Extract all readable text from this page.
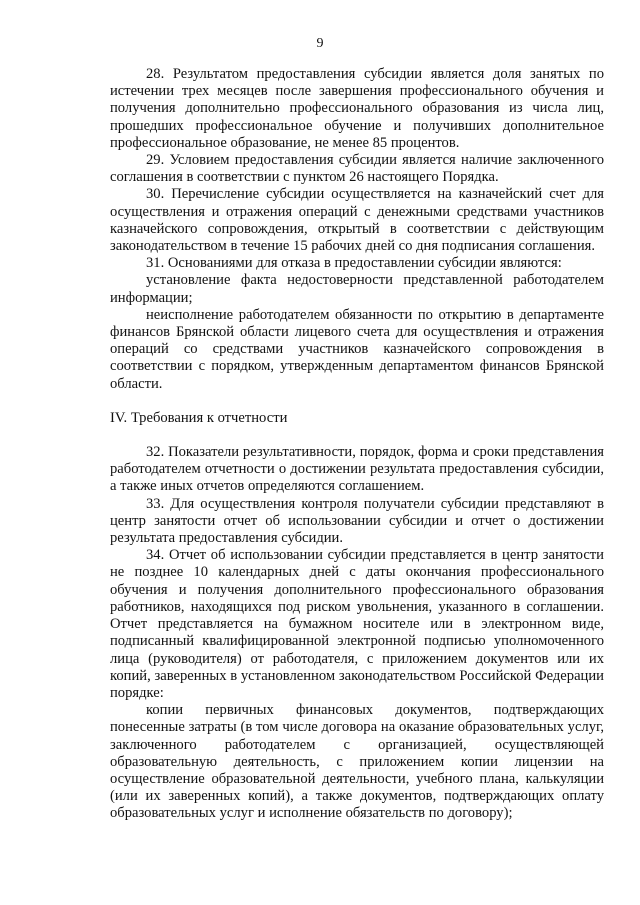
9

28. Результатом предоставления субсидии является доля занятых по истечении трех месяцев после завершения профессионального обучения и получения дополнительно профессионального образования из числа лиц, прошедших профессиональное обучение и получивших дополнительное профессиональное образование, не менее 85 процентов.

29. Условием предоставления субсидии является наличие заключенного соглашения в соответствии с пунктом 26 настоящего Порядка.

30. Перечисление субсидии осуществляется на казначейский счет для осуществления и отражения операций с денежными средствами участников казначейского сопровождения, открытый в соответствии с действующим законодательством в течение 15 рабочих дней со дня подписания соглашения.

31. Основаниями для отказа в предоставлении субсидии являются:

установление факта недостоверности представленной работодателем информации;

неисполнение работодателем обязанности по открытию в департаменте финансов Брянской области лицевого счета для осуществления и отражения операций со средствами участников казначейского сопровождения в соответствии с порядком, утвержденным департаментом финансов Брянской области.

IV. Требования к отчетности

32. Показатели результативности, порядок, форма и сроки представления работодателем отчетности о достижении результата предоставления субсидии, а также иных отчетов определяются соглашением.

33. Для осуществления контроля получатели субсидии представляют в центр занятости отчет об использовании субсидии и отчет о достижении результата предоставления субсидии.

34. Отчет об использовании субсидии представляется в центр занятости не позднее 10 календарных дней с даты окончания профессионального обучения и получения дополнительного профессионального образования работников, находящихся под риском увольнения, указанного в соглашении. Отчет представляется на бумажном носителе или в электронном виде, подписанный квалифицированной электронной подписью уполномоченного лица (руководителя) от работодателя, с приложением документов или их копий, заверенных в установленном законодательством Российской Федерации порядке:

копии первичных финансовых документов, подтверждающих понесенные затраты (в том числе договора на оказание образовательных услуг, заключенного работодателем с организацией, осуществляющей образовательную деятельность, с приложением копии лицензии на осуществление образовательной деятельности, учебного плана, калькуляции (или их заверенных копий), а также документов, подтверждающих оплату образовательных услуг и исполнение обязательств по договору);
